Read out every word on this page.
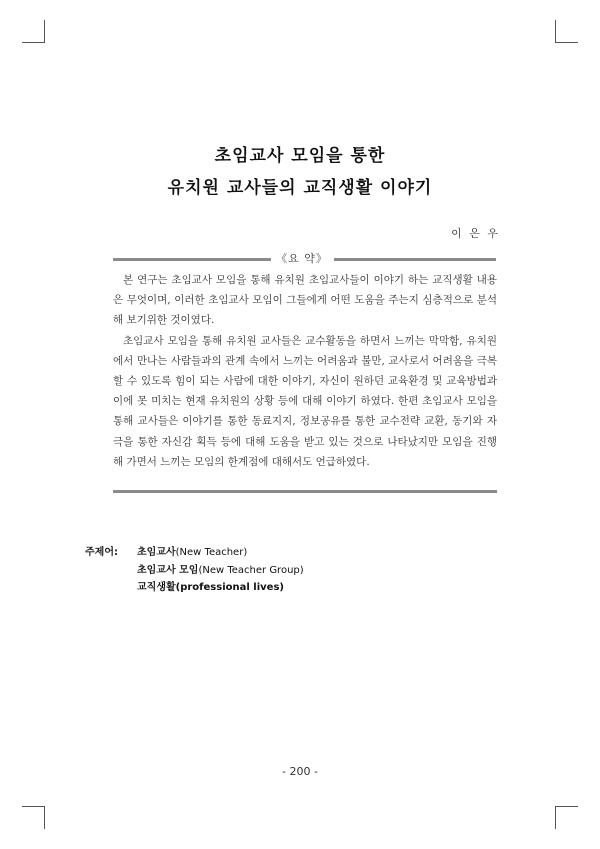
초임교사 모임을 통한
유치원 교사들의 교직생활 이야기
이 은 우
《요 약》

본 연구는 초임교사 모임을 통해 유치원 초임교사들이 이야기 하는 교직생활 내용은 무엇이며, 이러한 초임교사 모임이 그들에게 어떤 도움을 주는지 심층적으로 분석해 보기위한 것이였다.

초임교사 모임을 통해 유치원 교사들은 교수활동을 하면서 느끼는 막막함, 유치원에서 만나는 사람들과의 관계 속에서 느끼는 어려움과 불만, 교사로서 어려움을 극복할 수 있도록 힘이 되는 사람에 대한 이야기, 자신이 원하던 교육환경 및 교육방법과 이에 못 미치는 현재 유치원의 상황 등에 대해 이야기 하였다. 한편 초임교사 모임을 통해 교사들은 이야기를 통한 동료지지, 정보공유를 통한 교수전략 교환, 동기와 자극을 통한 자신감 획득 등에 대해 도움을 받고 있는 것으로 나타났지만 모임을 진행해 가면서 느끼는 모임의 한계점에 대해서도 언급하였다.

주제어: 초임교사(New Teacher)
초임교사 모임(New Teacher Group)
교직생활(professional lives)
- 200 -
